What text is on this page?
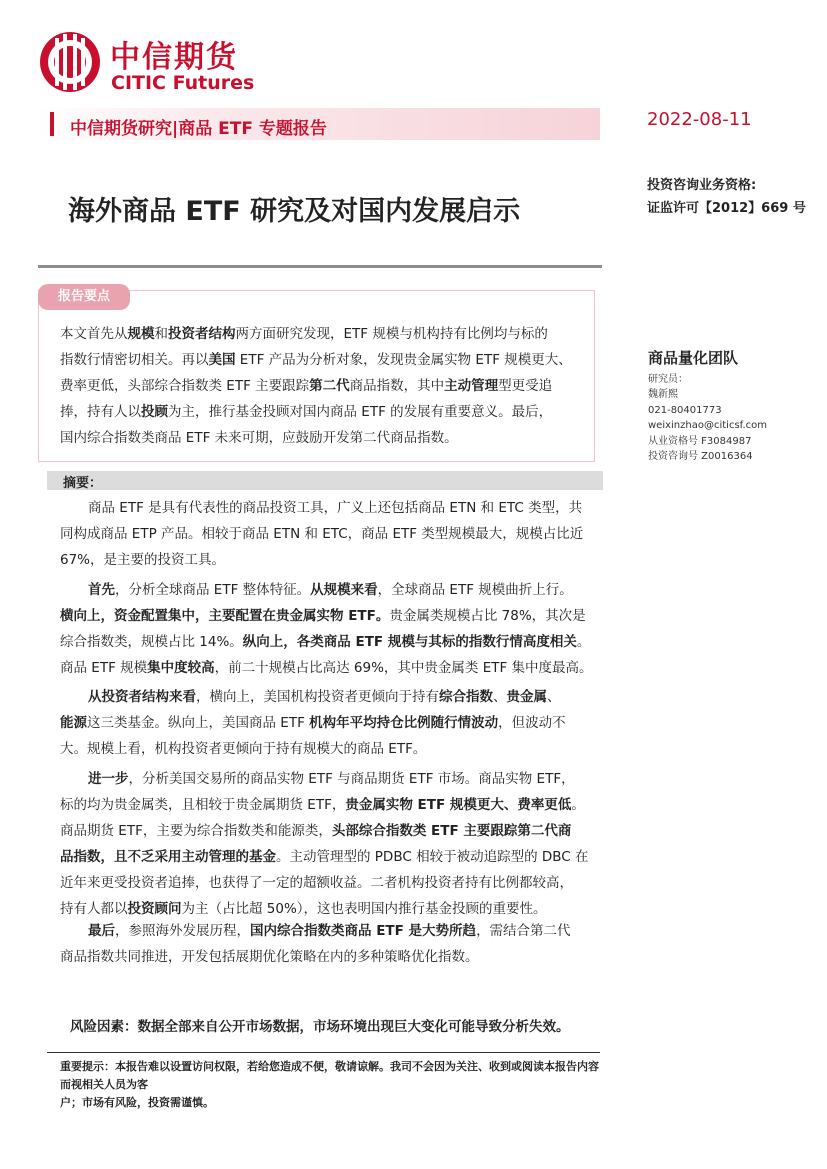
中信期货
CITIC Futures
中信期货研究|商品 ETF 专题报告	2022-08-11
海外商品 ETF 研究及对国内发展启示
投资咨询业务资格:
证监许可【2012】669 号
报告要点
本文首先从规模和投资者结构两方面研究发现，ETF 规模与机构持有比例均与标的
指数行情密切相关。再以美国 ETF 产品为分析对象，发现贵金属实物 ETF 规模更大、
费率更低，头部综合指数类 ETF 主要跟踪第二代商品指数，其中主动管理型更受追
捧，持有人以投顾为主，推行基金投顾对国内商品 ETF 的发展有重要意义。最后，
国内综合指数类商品 ETF 未来可期，应鼓励开发第二代商品指数。
商品量化团队
研究员：
魏新熙
021-80401773
weixinzhao@citicsf.com
从业资格号 F3084987
投资咨询号 Z0016364
摘要：
商品 ETF 是具有代表性的商品投资工具，广义上还包括商品 ETN 和 ETC 类型，共
同构成商品 ETP 产品。相较于商品 ETN 和 ETC，商品 ETF 类型规模最大，规模占比近
67%，是主要的投资工具。
首先，分析全球商品 ETF 整体特征。从规模来看，全球商品 ETF 规模曲折上行。
横向上，资金配置集中，主要配置在贵金属实物 ETF。贵金属类规模占比 78%，其次是
综合指数类，规模占比 14%。纵向上，各类商品 ETF 规模与其标的指数行情高度相关。
商品 ETF 规模集中度较高，前二十规模占比高达 69%，其中贵金属类 ETF 集中度最高。
从投资者结构来看，横向上，美国机构投资者更倾向于持有综合指数、贵金属、
能源这三类基金。纵向上，美国商品 ETF 机构年平均持仓比例随行情波动，但波动不
大。规模上看，机构投资者更倾向于持有规模大的商品 ETF。
进一步，分析美国交易所的商品实物 ETF 与商品期货 ETF 市场。商品实物 ETF，
标的均为贵金属类，且相较于贵金属期货 ETF，贵金属实物 ETF 规模更大、费率更低。
商品期货 ETF，主要为综合指数类和能源类，头部综合指数类 ETF 主要跟踪第二代商
品指数，且不乏采用主动管理的基金。主动管理型的 PDBC 相较于被动追踪型的 DBC 在
近年来更受投资者追捧，也获得了一定的超额收益。二者机构投资者持有比例都较高，
持有人都以投资顾问为主（占比超 50%），这也表明国内推行基金投顾的重要性。
最后，参照海外发展历程，国内综合指数类商品 ETF 是大势所趋，需结合第二代
商品指数共同推进，开发包括展期优化策略在内的多种策略优化指数。
风险因素：数据全部来自公开市场数据，市场环境出现巨大变化可能导致分析失效。
重要提示：本报告难以设置访问权限，若给您造成不便，敬请谅解。我司不会因为关注、收到或阅读本报告内容而视相关人员为客
户；市场有风险，投资需谨慎。
